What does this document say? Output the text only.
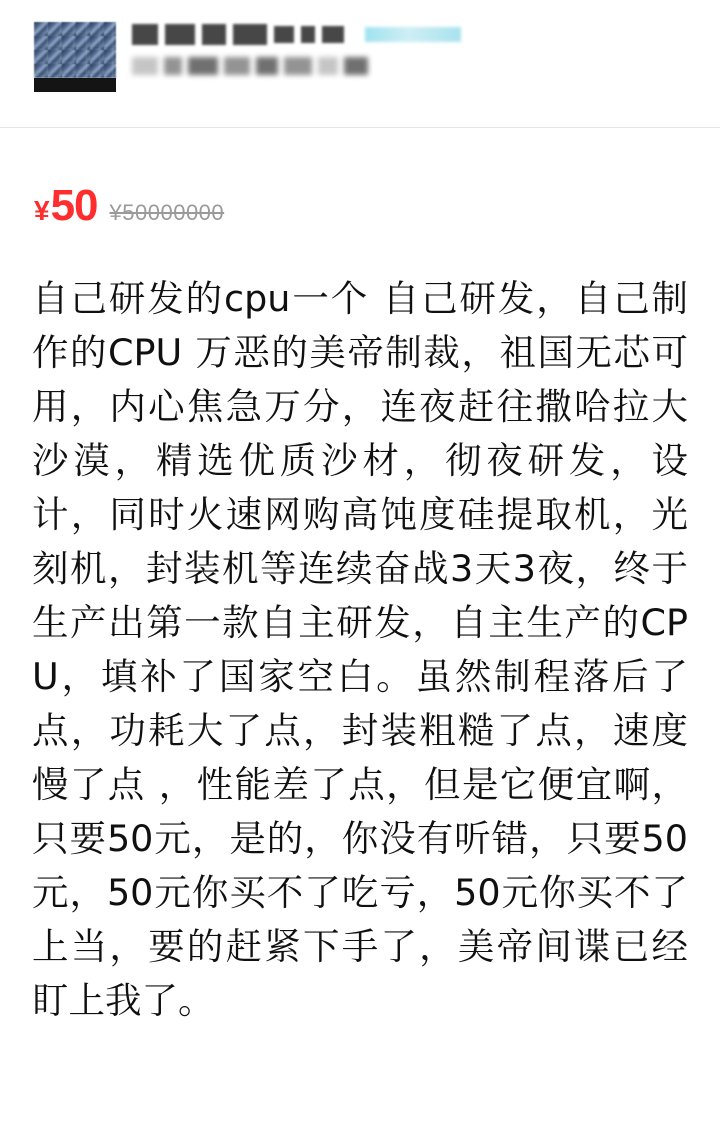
¥ 50 ¥50000000
自己研发的cpu一个 自己研发，自己制作的CPU 万恶的美帝制裁，祖国无芯可用，内心焦急万分，连夜赶往撒哈拉大沙漠，精选优质沙材，彻夜研发，设计，同时火速网购高饨度硅提取机，光刻机，封装机等连续奋战3天3夜，终于生产出第一款自主研发，自主生产的CPU，填补了国家空白。虽然制程落后了点，功耗大了点，封装粗糙了点，速度慢了点 ，性能差了点，但是它便宜啊，只要50元，是的，你没有听错，只要50元，50元你买不了吃亏，50元你买不了上当，要的赶紧下手了，美帝间谍已经盯上我了。
